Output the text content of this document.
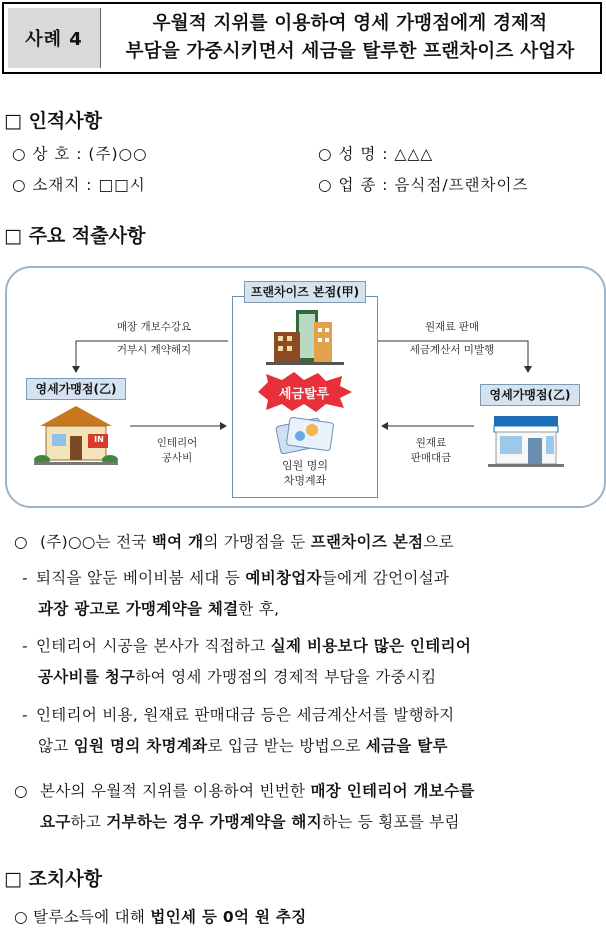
사례 4
우월적 지위를 이용하여 영세 가맹점에게 경제적
부담을 가중시키면서 세금을 탈루한 프랜차이즈 사업자
□ 인적사항
○ 상 호 : (주)○○	○ 성 명 : △△△
○ 소재지 : □□시	○ 업 종 : 음식점/프랜차이즈
□ 주요 적출사항
프랜차이즈 본점(甲)
세금탈루
임원 명의
차명계좌
매장 개보수강요
거부시 계약해지
원재료 판매
세금계산서 미발행
영세가맹점(乙)
IN	인테리어
공사비
영세가맹점(乙)
원재료
판매대금
○ (주)○○는 전국 백여 개의 가맹점을 둔 프랜차이즈 본점으로
- 퇴직을 앞둔 베이비붐 세대 등 예비창업자들에게 감언이설과
과장 광고로 가맹계약을 체결한 후,
- 인테리어 시공을 본사가 직접하고 실제 비용보다 많은 인테리어
공사비를 청구하여 영세 가맹점의 경제적 부담을 가중시킴
- 인테리어 비용, 원재료 판매대금 등은 세금계산서를 발행하지
않고 임원 명의 차명계좌로 입금 받는 방법으로 세금을 탈루
○ 본사의 우월적 지위를 이용하여 빈번한 매장 인테리어 개보수를
요구하고 거부하는 경우 가맹계약을 해지하는 등 횡포를 부림
□ 조치사항
○ 탈루소득에 대해 법인세 등 0억 원 추징
